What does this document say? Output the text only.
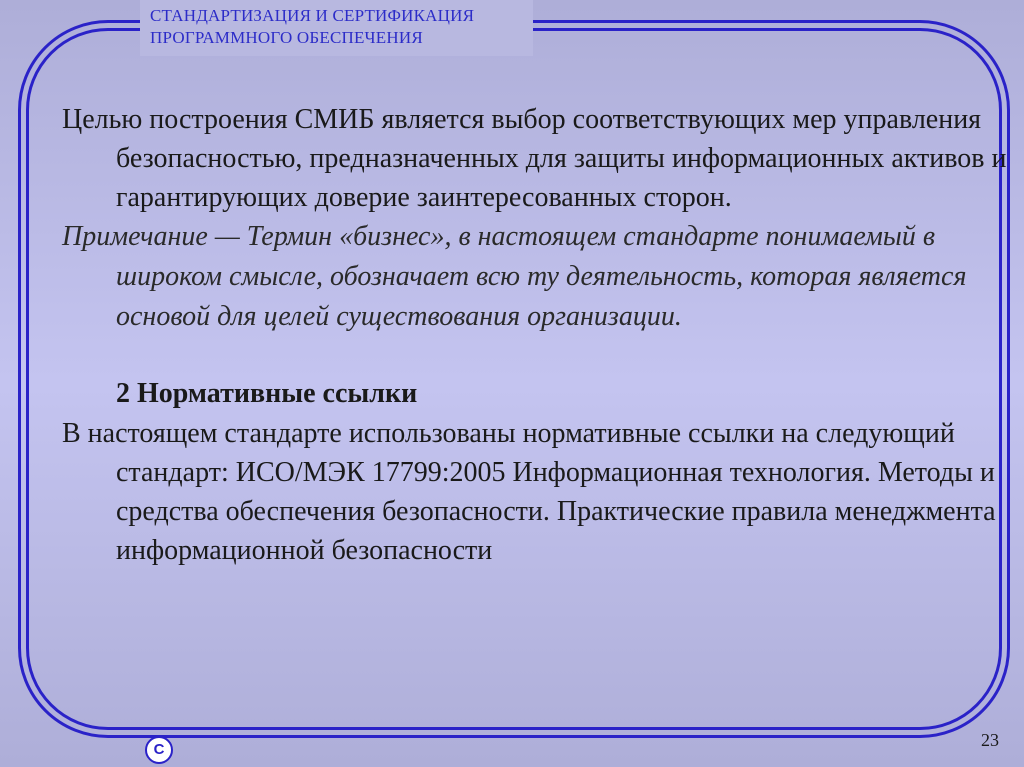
СТАНДАРТИЗАЦИЯ И СЕРТИФИКАЦИЯ
ПРОГРАММНОГО ОБЕСПЕЧЕНИЯ

Целью построения СМИБ является выбор соответствующих мер управления безопасностью, предназначенных для защиты информационных активов и гарантирующих доверие заинтересованных сторон.

Примечание — Термин «бизнес», в настоящем стандарте понимаемый в широком смысле, обозначает всю ту деятельность, которая является основой для целей существования организации.

2 Нормативные ссылки

В настоящем стандарте использованы нормативные ссылки на следующий стандарт: ИСО/МЭК 17799:2005 Информационная технология. Методы и средства обеспечения безопасности. Практические правила менеджмента информационной безопасности

С	23
